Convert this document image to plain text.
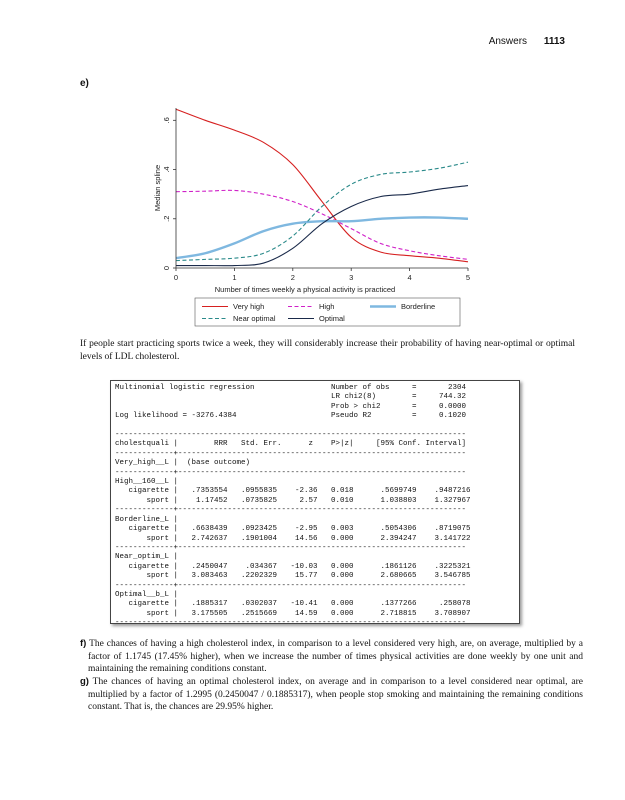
Answers 1113
e)
0	1	2	3	4	5
0
.2
.4
.6
Number of times weekly a physical activity is practiced
Median spline
Very high	High	Borderline
Near optimal	Optimal
If people start practicing sports twice a week, they will considerably increase their probability of having near-optimal or optimal levels of LDL cholesterol.
Multinomial logistic regression                 Number of obs     =       2304
LR chi2(8)        =     744.32
Prob > chi2       =     0.0000
Log likelihood = -3276.4384                     Pseudo R2         =     0.1020

------------------------------------------------------------------------------
cholestquali |        RRR   Std. Err.      z    P>|z|     [95% Conf. Interval]
-------------+----------------------------------------------------------------
Very_high__L |  (base outcome)
-------------+----------------------------------------------------------------
High__160__L |
cigarette |   .7353554   .0955835    -2.36   0.018      .5699749    .9487216
sport |    1.17452   .0735825     2.57   0.010      1.038803    1.327967
-------------+----------------------------------------------------------------
Borderline_L |
cigarette |   .6638439   .0923425    -2.95   0.003      .5054306    .8719075
sport |   2.742637   .1901004    14.56   0.000      2.394247    3.141722
-------------+----------------------------------------------------------------
Near_optim_L |
cigarette |   .2450047    .034367   -10.03   0.000      .1861126    .3225321
sport |   3.083463   .2202329    15.77   0.000      2.680665    3.546785
-------------+----------------------------------------------------------------
Optimal__b_L |
cigarette |   .1885317   .0302037   -10.41   0.000      .1377266     .258078
sport |   3.175505   .2515669    14.59   0.000      2.718815    3.708907
------------------------------------------------------------------------------
f) The chances of having a high cholesterol index, in comparison to a level considered very high, are, on average, multiplied by a factor of 1.1745 (17.45% higher), when we increase the number of times physical activities are done weekly by one unit and maintaining the remaining conditions constant.
g) The chances of having an optimal cholesterol index, on average and in comparison to a level considered near optimal, are multiplied by a factor of 1.2995 (0.2450047 / 0.1885317), when people stop smoking and maintaining the remaining conditions constant. That is, the chances are 29.95% higher.
